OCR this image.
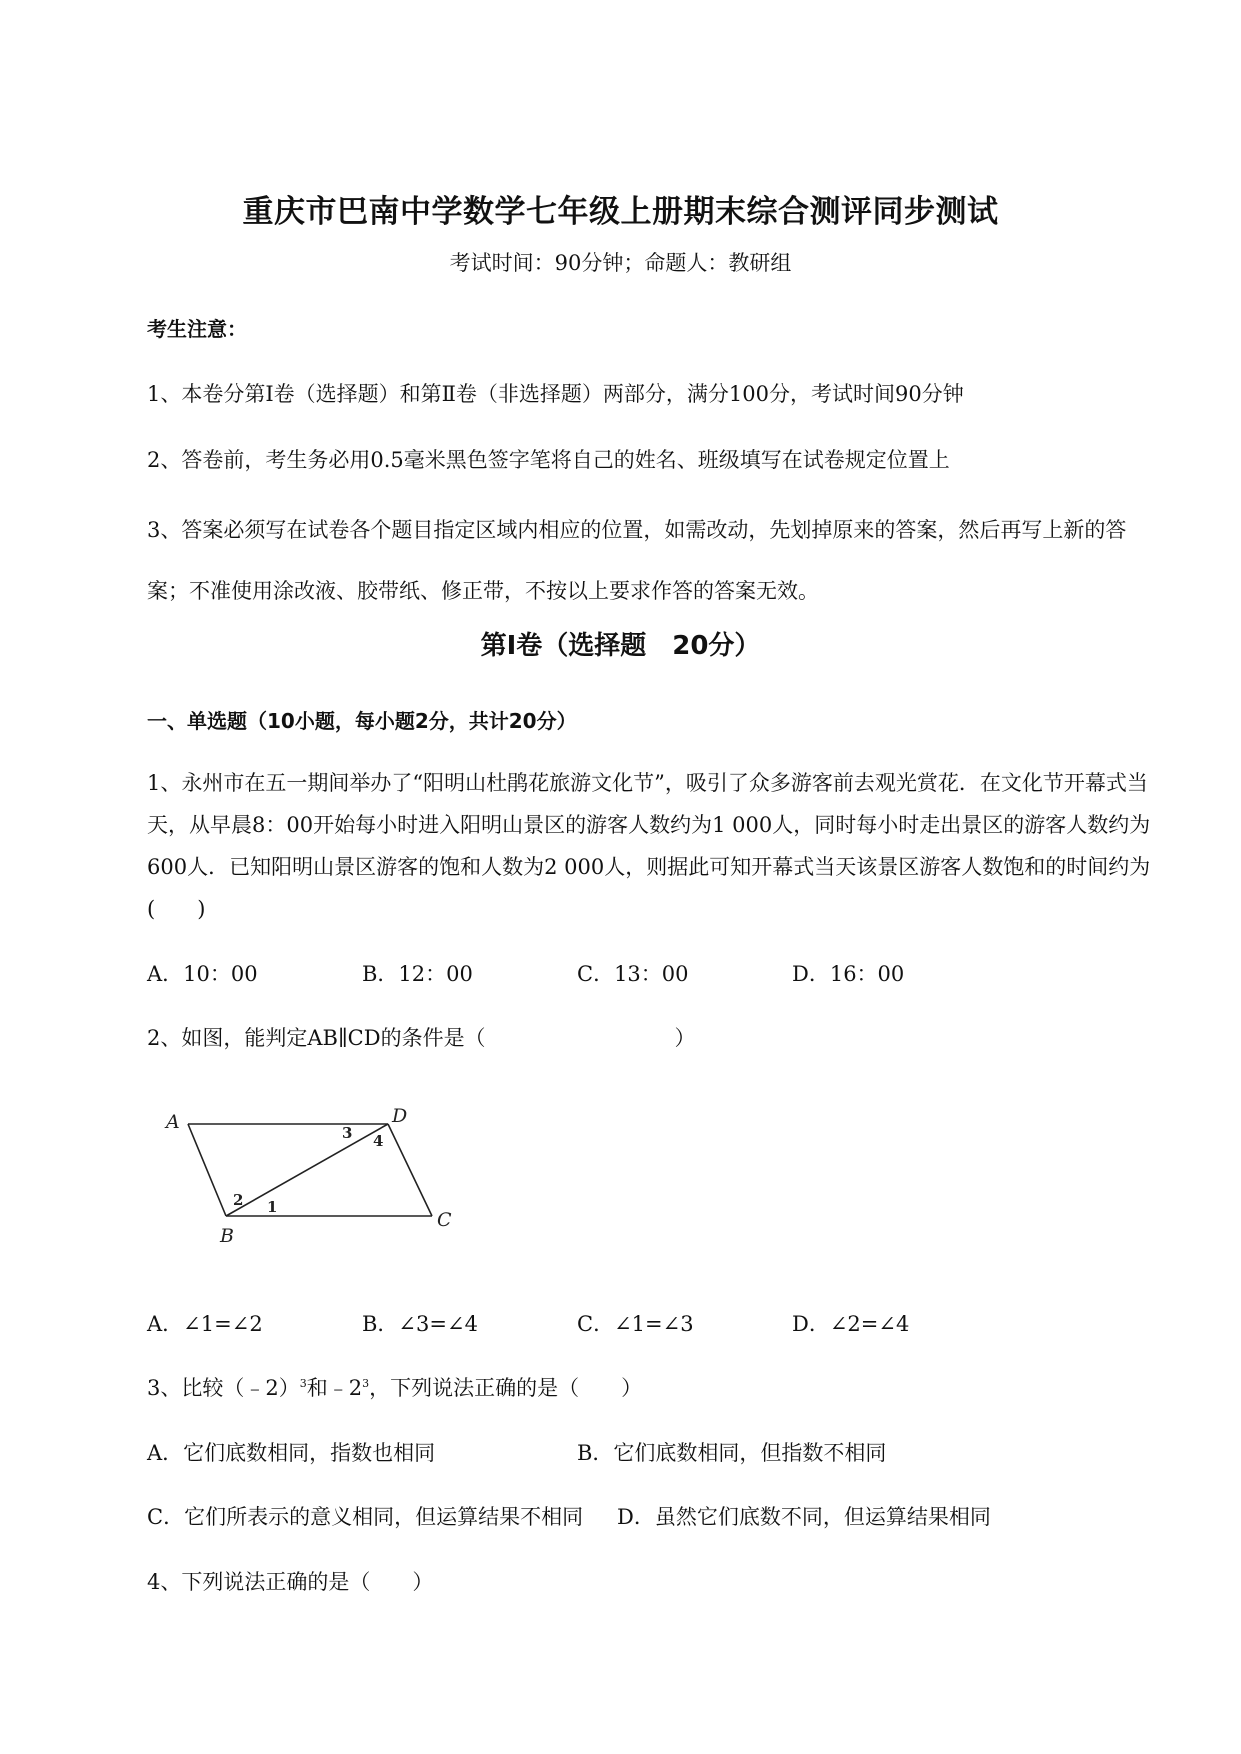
重庆市巴南中学数学七年级上册期末综合测评同步测试
考试时间：90分钟；命题人：教研组
考生注意：
1、本卷分第Ⅰ卷（选择题）和第Ⅱ卷（非选择题）两部分，满分100分，考试时间90分钟
2、答卷前，考生务必用0.5毫米黑色签字笔将自己的姓名、班级填写在试卷规定位置上
3、答案必须写在试卷各个题目指定区域内相应的位置，如需改动，先划掉原来的答案，然后再写上新的答案；不准使用涂改液、胶带纸、修正带，不按以上要求作答的答案无效。
第Ⅰ卷（选择题　20分）
一、单选题（10小题，每小题2分，共计20分）
1、永州市在五一期间举办了“阳明山杜鹃花旅游文化节”，吸引了众多游客前去观光赏花．在文化节开幕式当天，从早晨8：00开始每小时进入阳明山景区的游客人数约为1 000人，同时每小时走出景区的游客人数约为600人．已知阳明山景区游客的饱和人数为2 000人，则据此可知开幕式当天该景区游客人数饱和的时间约为(　　)
A．10：00	B．12：00	C．13：00	D．16：00
2、如图，能判定AB∥CD的条件是（　　　　　　　　　）
A
B
C
D
1
2
3 4
A．∠1=∠2	B．∠3=∠4	C．∠1=∠3	D．∠2=∠4
3、比较（﹣2）$^3$和$﹣2^3$，下列说法正确的是（　　）
A．它们底数相同，指数也相同	B．它们底数相同，但指数不相同
C．它们所表示的意义相同，但运算结果不相同 D．虽然它们底数不同，但运算结果相同
4、下列说法正确的是（　　）
